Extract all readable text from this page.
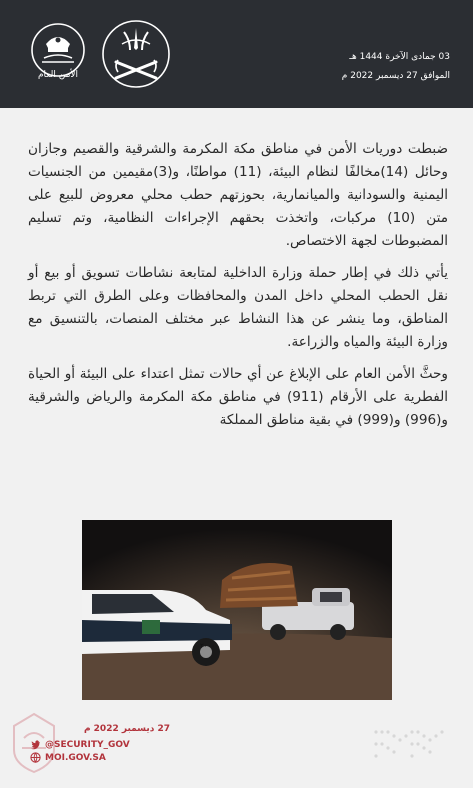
الأمن العام
03 جمادى الآخرة 1444 هـ
الموافق 27 ديسمبر 2022 م

ضبطت دوريات الأمن في مناطق مكة المكرمة والشرقية والقصيم وجازان وحائل (14)مخالفًا لنظام البيئة، (11) مواطنًا، و(3)مقيمين من الجنسيات اليمنية والسودانية والميانمارية، بحوزتهم حطب محلي معروض للبيع على متن (10) مركبات، واتخذت بحقهم الإجراءات النظامية، وتم تسليم المضبوطات لجهة الاختصاص.

يأتي ذلك في إطار حملة وزارة الداخلية لمتابعة نشاطات تسويق أو بيع أو نقل الحطب المحلي داخل المدن والمحافظات وعلى الطرق التي تربط المناطق، وما ينشر عن هذا النشاط عبر مختلف المنصات، بالتنسيق مع وزارة البيئة والمياه والزراعة.

وحثَّ الأمن العام على الإبلاغ عن أي حالات تمثل اعتداء على البيئة أو الحياة الفطرية على الأرقام (911) في مناطق مكة المكرمة والرياض والشرقية و(996) و(999) في بقية مناطق المملكة

٢٠٠٠
27 ديسمبر 2022 م
@SECURITY_GOV
MOI.GOV.SA
